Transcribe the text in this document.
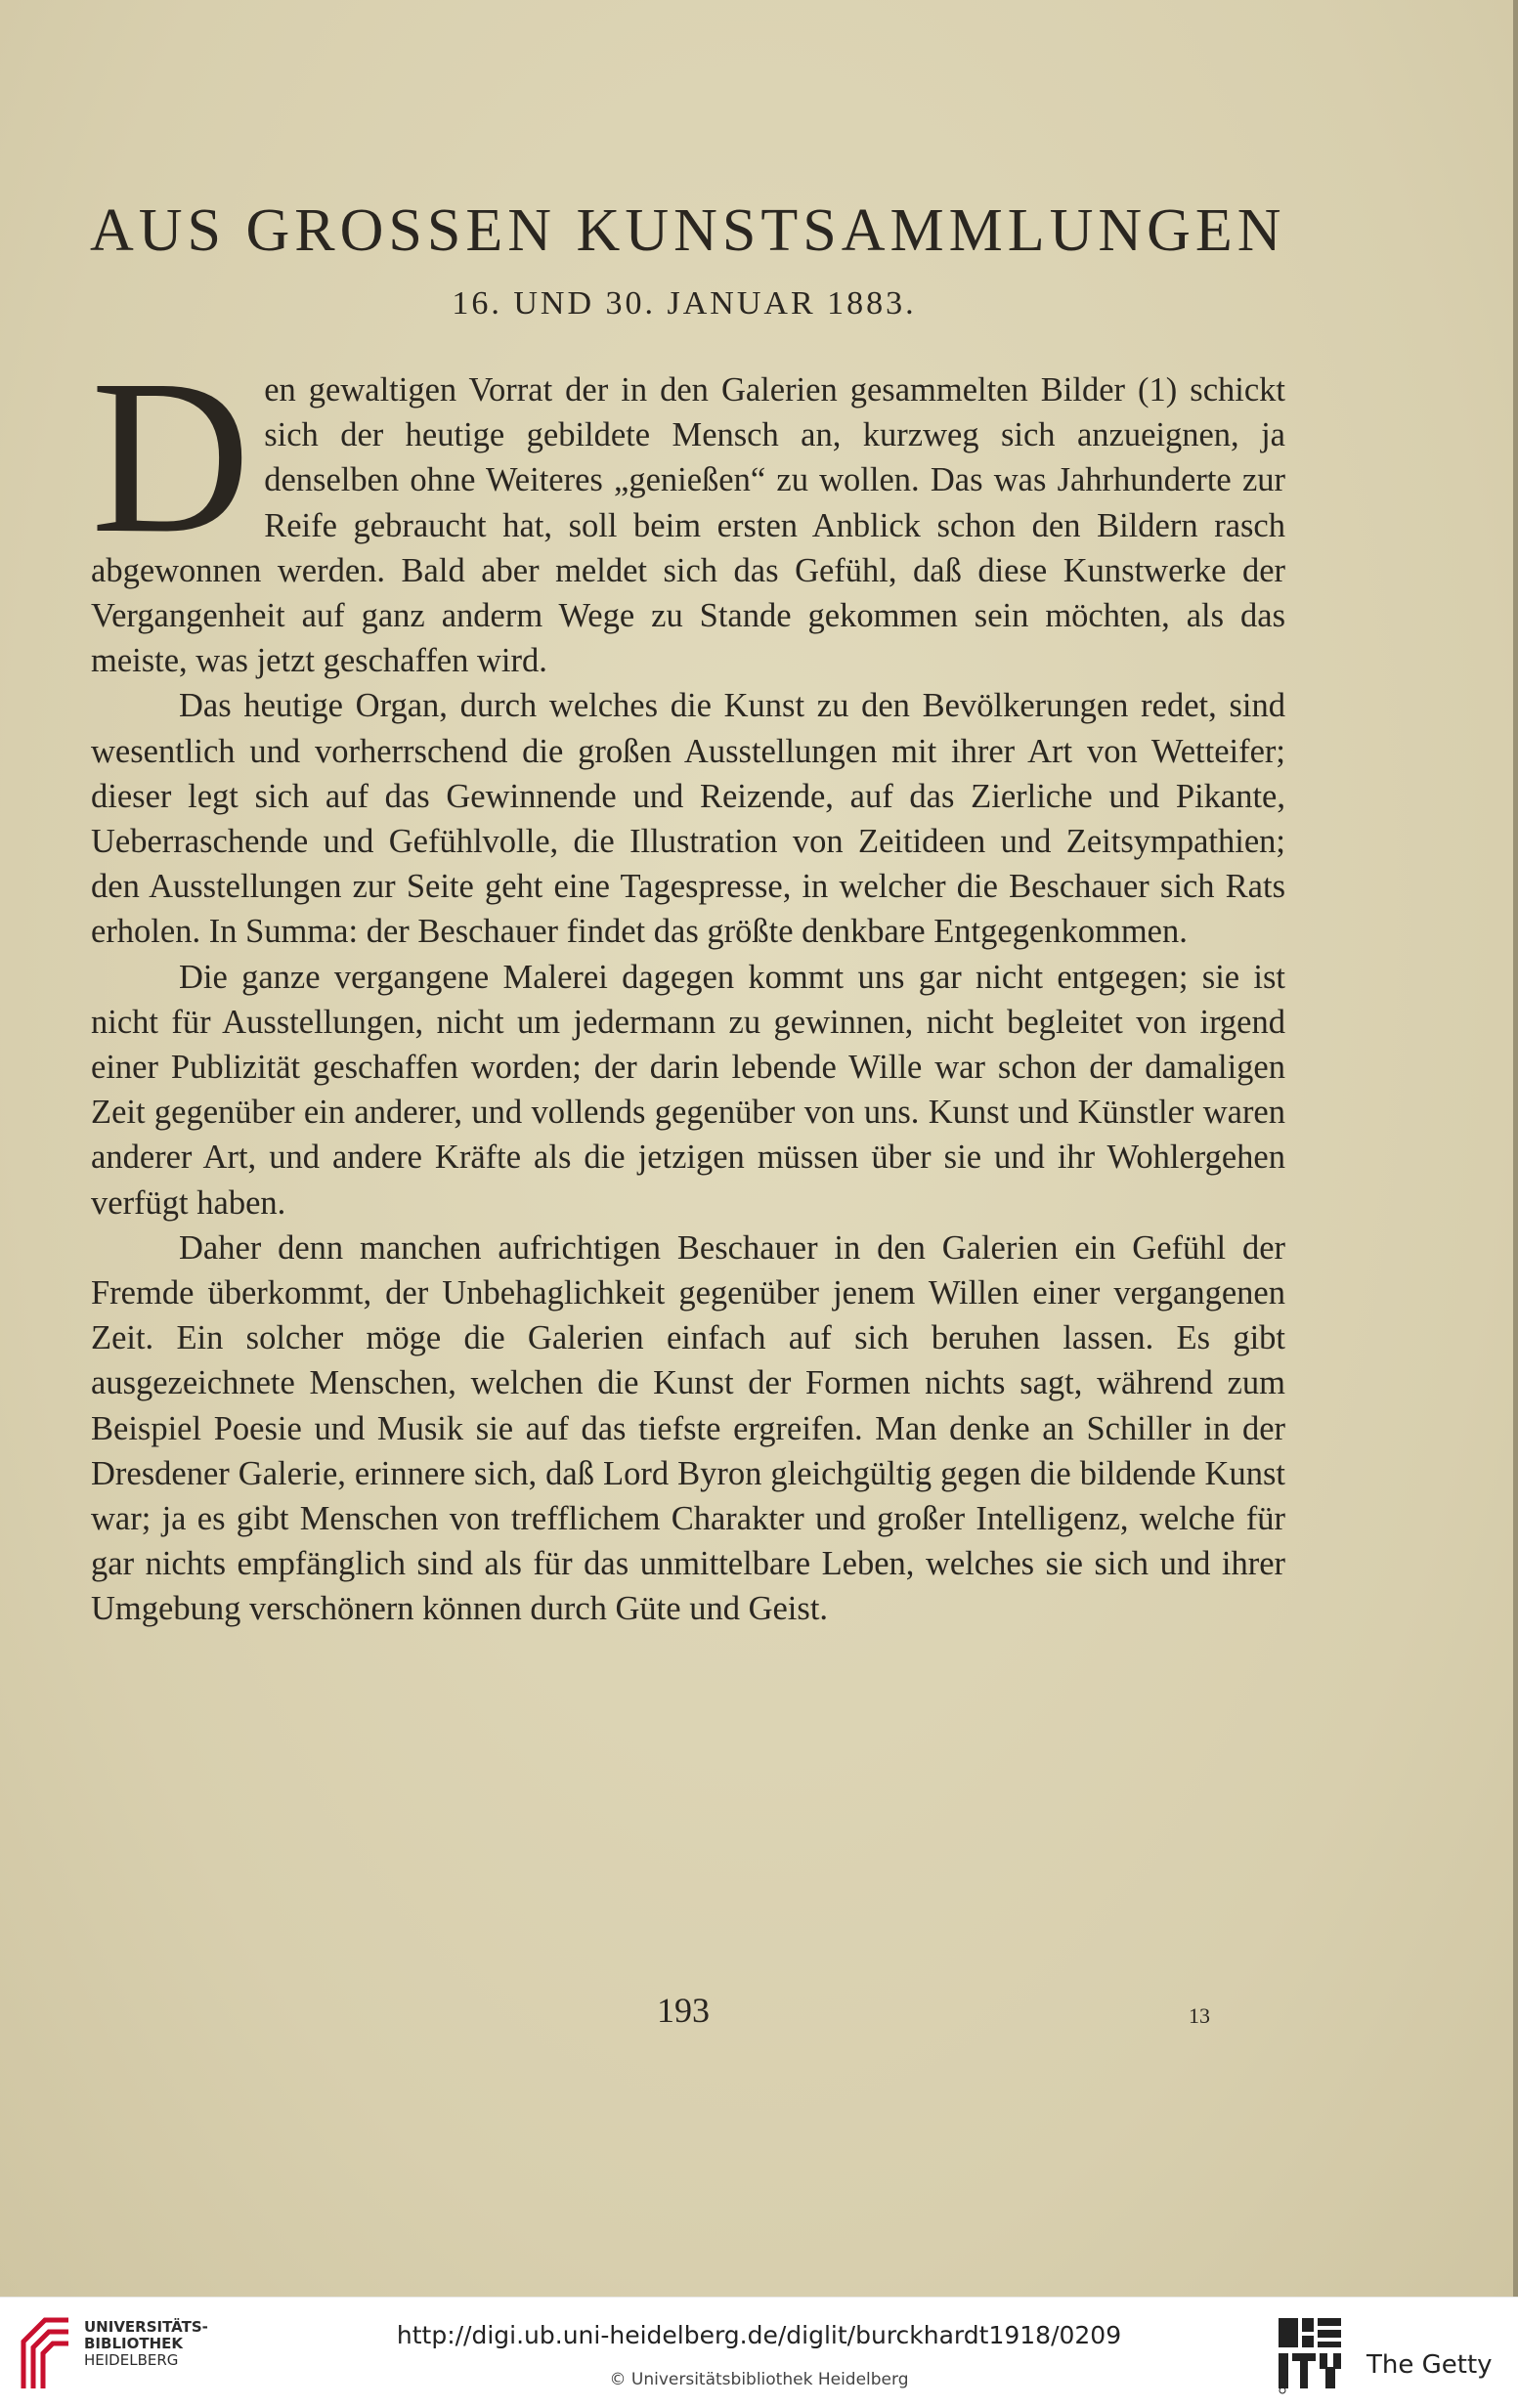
AUS GROSSEN KUNSTSAMMLUNGEN
16. UND 30. JANUAR 1883.

Den gewaltigen Vorrat der in den Galerien gesammelten Bilder (1) schickt sich der heutige gebildete Mensch an, kurzweg sich anzueignen, ja denselben ohne Weiteres „genießen“ zu wollen. Das was Jahrhunderte zur Reife gebraucht hat, soll beim ersten Anblick schon den Bildern rasch abgewonnen werden. Bald aber meldet sich das Gefühl, daß diese Kunstwerke der Vergangenheit auf ganz anderm Wege zu Stande gekommen sein möchten, als das meiste, was jetzt geschaffen wird.

Das heutige Organ, durch welches die Kunst zu den Bevölkerungen redet, sind wesentlich und vorherrschend die großen Ausstellungen mit ihrer Art von Wetteifer; dieser legt sich auf das Gewinnende und Reizende, auf das Zierliche und Pikante, Ueberraschende und Gefühlvolle, die Illustration von Zeitideen und Zeitsympathien; den Ausstellungen zur Seite geht eine Tagespresse, in welcher die Beschauer sich Rats erholen. In Summa: der Beschauer findet das größte denkbare Entgegenkommen.

Die ganze vergangene Malerei dagegen kommt uns gar nicht entgegen; sie ist nicht für Ausstellungen, nicht um jedermann zu gewinnen, nicht begleitet von irgend einer Publizität geschaffen worden; der darin lebende Wille war schon der damaligen Zeit gegenüber ein anderer, und vollends gegenüber von uns. Kunst und Künstler waren anderer Art, und andere Kräfte als die jetzigen müssen über sie und ihr Wohlergehen verfügt haben.

Daher denn manchen aufrichtigen Beschauer in den Galerien ein Gefühl der Fremde überkommt, der Unbehaglichkeit gegenüber jenem Willen einer vergangenen Zeit. Ein solcher möge die Galerien einfach auf sich beruhen lassen. Es gibt ausgezeichnete Menschen, welchen die Kunst der Formen nichts sagt, während zum Beispiel Poesie und Musik sie auf das tiefste ergreifen. Man denke an Schiller in der Dresdener Galerie, erinnere sich, daß Lord Byron gleichgültig gegen die bildende Kunst war; ja es gibt Menschen von trefflichem Charakter und großer Intelligenz, welche für gar nichts empfänglich sind als für das unmittelbare Leben, welches sie sich und ihrer Umgebung verschönern können durch Güte und Geist.

193	13
UNIVERSITÄTS-
BIBLIOTHEK
HEIDELBERG
http://digi.ub.uni-heidelberg.de/diglit/burckhardt1918/0209
© Universitätsbibliothek Heidelberg	The Getty
